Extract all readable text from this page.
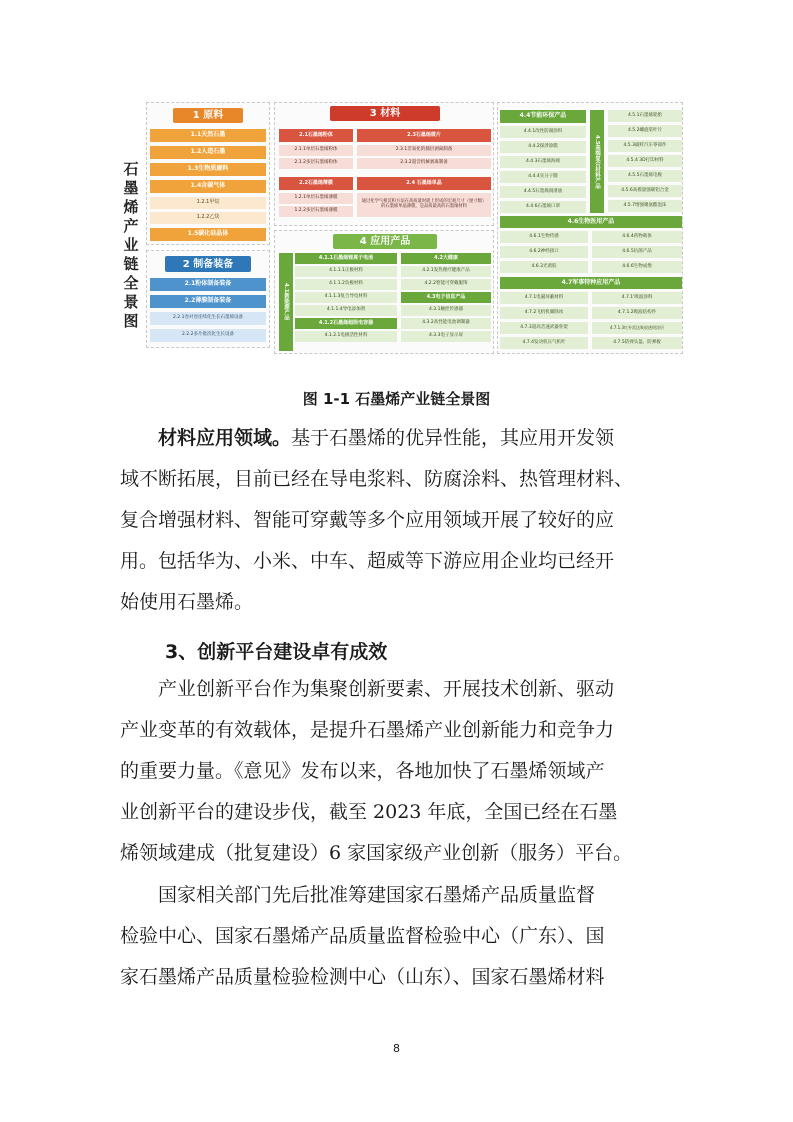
石
墨
烯
产
业
链
全
景
图
1 原料
1.1天然石墨
1.2人造石墨
1.3生物质廉料
1.4含碳气体
1.2.1甲烷
1.2.2乙炔
1.5碳化硅晶体
2 制备装备
2.1粉体制备装备
2.2薄膜制备装备
2.2.1卷对卷连续化生长石墨烯设备
2.2.2多片批次化生长设备
3 材料
2.1石墨烯粉体
2.1.1单层石墨烯粉体
2.1.2多层石墨烯粉体
2.3石墨烯微片
2.3.1非氧化的插层剥离制备
2.3.2超音机械剥离制备
2.2石墨烯薄膜
1.2.1单层石墨烯薄膜
1.2.2多层石墨烯薄膜
2.4 石墨烯单晶
通过化学气相沉积方法在高质量时就上形成的宏观尺寸（厘寸级）的石墨烯单晶薄膜，是品质最高的石墨烯材料
4 应用产品
4.1新能源产品
4.1.1石墨烯锂离子电池
4.1.1.1正极材料
4.1.1.2负极材料
4.1.1.3复合导电材料
4.1.1.4导电添加剂
4.1.2石墨烯超级电容器
4.1.2.1电极活性材料
4.2大健康
4.2.1发热理疗健康产品
4.2.2智能可穿戴服饰
4.3电子信息产品
4.3.1触控传感器
4.3.2高性能电池调制器
4.3.3电子显示屏
4.4节能环保产品
4.4.1改性防腐涂料
4.4.2探涉涂膜
4.4.3石墨烯海绵
4.4.4实分子膜
4.4.5石墨烯润滑油
4.4.6石墨烯口罩
4.5高端复合材料产品
4.5.1石墨烯轮胎
4.5.2螺旋桨叶片
4.5.3碳纤汽车零部件
4.5.4 3D打印材料
4.5.5石墨烯电极
4.5.6高模量强碳铝合金
4.5.7增强聚氨酯泡沫
4.6生物医用产品
4.6.1生物传感	4.6.4药物载体
4.6.2神经接口	4.6.5抗菌产品
4.6.3光谱胶	4.6.6生物成像
4.7军事特种应用产品
4.7.1电磁屏蔽材料	4.7.1'吸波涂料
4.7.2飞机机翼除冰	4.7.1.2吸波结构件
4.7.3超高音速武器骨架	4.7.1.3红外雷达吸收透明涂层
4.7.4发动机压气机叶	4.7.5防弹头盔、防弹板
图 1-1 石墨烯产业链全景图
　　材料应用领域。基于石墨烯的优异性能，其应用开发领
域不断拓展，目前已经在导电浆料、防腐涂料、热管理材料、
复合增强材料、智能可穿戴等多个应用领域开展了较好的应
用。包括华为、小米、中车、超威等下游应用企业均已经开
始使用石墨烯。
3、创新平台建设卓有成效
　　产业创新平台作为集聚创新要素、开展技术创新、驱动
产业变革的有效载体，是提升石墨烯产业创新能力和竞争力
的重要力量。《意见》发布以来，各地加快了石墨烯领域产
业创新平台的建设步伐，截至 2023 年底，全国已经在石墨
烯领域建成（批复建设）6 家国家级产业创新（服务）平台。
　　国家相关部门先后批准筹建国家石墨烯产品质量监督
检验中心、国家石墨烯产品质量监督检验中心（广东）、国
家石墨烯产品质量检验检测中心（山东）、国家石墨烯材料
8
